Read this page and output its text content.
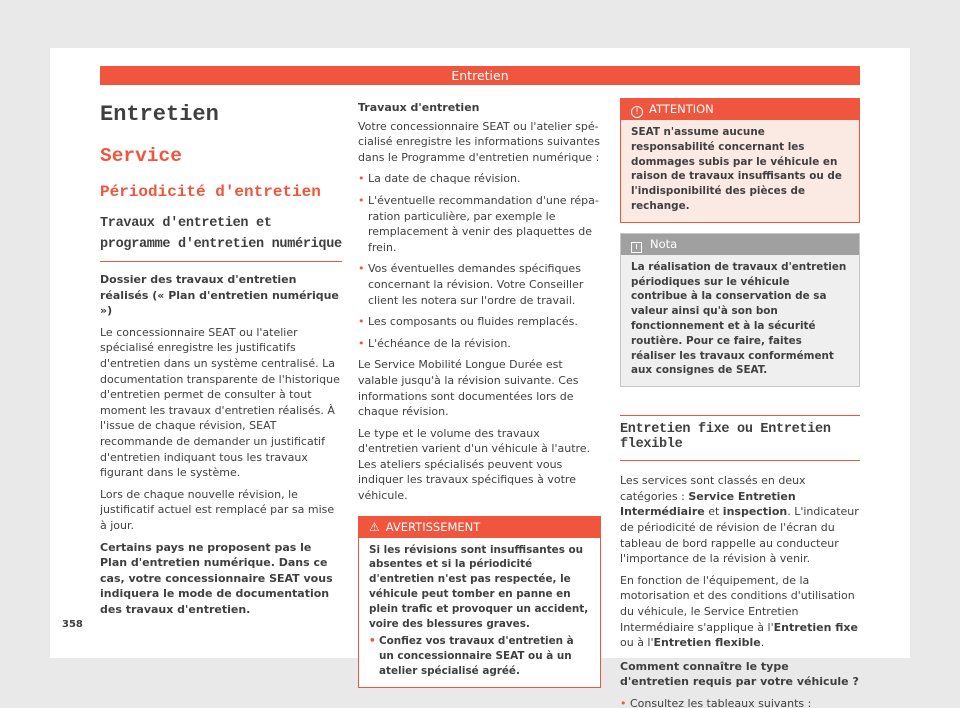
Entretien
Entretien
Service
Périodicité d'entretien
Travaux d'entretien et programme d'entretien numérique
Dossier des travaux d'entretien réalisés (« Plan d'entretien numérique »)

Le concessionnaire SEAT ou l'atelier spécialisé enregistre les justificatifs d'entretien dans un système centralisé. La documentation transparente de l'historique d'entretien permet de consulter à tout moment les travaux d'entretien réalisés. À l'issue de chaque révision, SEAT recommande de demander un justificatif d'entretien indiquant tous les travaux figurant dans le système.

Lors de chaque nouvelle révision, le justificatif actuel est remplacé par sa mise à jour.

Certains pays ne proposent pas le Plan d'entretien numérique. Dans ce cas, votre concessionnaire SEAT vous indiquera le mode de documentation des travaux d'entretien.

Travaux d'entretien

Votre concessionnaire SEAT ou l'atelier spécialisé enregistre les informations suivantes dans le Programme d'entretien numérique :

• La date de chaque révision.
• L'éventuelle recommandation d'une réparation particulière, par exemple le remplacement à venir des plaquettes de frein.
• Vos éventuelles demandes spécifiques concernant la révision. Votre Conseiller client les notera sur l'ordre de travail.
• Les composants ou fluides remplacés.
• L'échéance de la révision.

Le Service Mobilité Longue Durée est valable jusqu'à la révision suivante. Ces informations sont documentées lors de chaque révision.

Le type et le volume des travaux d'entretien varient d'un véhicule à l'autre. Les ateliers spécialisés peuvent vous indiquer les travaux spécifiques à votre véhicule.

⚠ AVERTISSEMENT

Si les révisions sont insuffisantes ou absentes et si la périodicité d'entretien n'est pas respectée, le véhicule peut tomber en panne en plein trafic et provoquer un accident, voire des blessures graves.

• Confiez vos travaux d'entretien à un concessionnaire SEAT ou à un atelier spécialisé agréé.
! ATTENTION

SEAT n'assume aucune responsabilité concernant les dommages subis par le véhicule en raison de travaux insuffisants ou de l'indisponibilité des pièces de rechange.

i Nota

La réalisation de travaux d'entretien périodiques sur le véhicule contribue à la conservation de sa valeur ainsi qu'à son bon fonctionnement et à la sécurité routière. Pour ce faire, faites réaliser les travaux conformément aux consignes de SEAT.

Entretien fixe ou Entretien flexible

Les services sont classés en deux catégories : Service Entretien Intermédiaire et inspection. L'indicateur de périodicité de révision de l'écran du tableau de bord rappelle au conducteur l'importance de la révision à venir.

En fonction de l'équipement, de la motorisation et des conditions d'utilisation du véhicule, le Service Entretien Intermédiaire s'applique à l'Entretien fixe ou à l'Entretien flexible.

Comment connaître le type d'entretien requis par votre véhicule ?

• Consultez les tableaux suivants :
358
